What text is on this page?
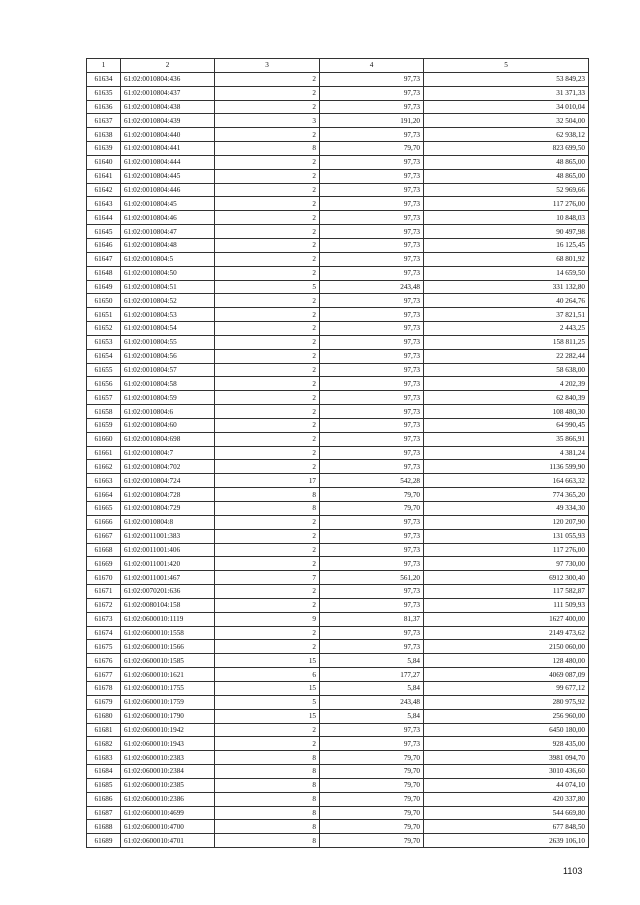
1	2	3	4	5
61634	61:02:0010804:436	2	97,73	53 849,23
61635	61:02:0010804:437	2	97,73	31 371,33
61636	61:02:0010804:438	2	97,73	34 010,04
61637	61:02:0010804:439	3	191,20	32 504,00
61638	61:02:0010804:440	2	97,73	62 938,12
61639	61:02:0010804:441	8	79,70	823 699,50
61640	61:02:0010804:444	2	97,73	48 865,00
61641	61:02:0010804:445	2	97,73	48 865,00
61642	61:02:0010804:446	2	97,73	52 969,66
61643	61:02:0010804:45	2	97,73	117 276,00
61644	61:02:0010804:46	2	97,73	10 848,03
61645	61:02:0010804:47	2	97,73	90 497,98
61646	61:02:0010804:48	2	97,73	16 125,45
61647	61:02:0010804:5	2	97,73	68 801,92
61648	61:02:0010804:50	2	97,73	14 659,50
61649	61:02:0010804:51	5	243,48	331 132,80
61650	61:02:0010804:52	2	97,73	40 264,76
61651	61:02:0010804:53	2	97,73	37 821,51
61652	61:02:0010804:54	2	97,73	2 443,25
61653	61:02:0010804:55	2	97,73	158 811,25
61654	61:02:0010804:56	2	97,73	22 282,44
61655	61:02:0010804:57	2	97,73	58 638,00
61656	61:02:0010804:58	2	97,73	4 202,39
61657	61:02:0010804:59	2	97,73	62 840,39
61658	61:02:0010804:6	2	97,73	108 480,30
61659	61:02:0010804:60	2	97,73	64 990,45
61660	61:02:0010804:698	2	97,73	35 866,91
61661	61:02:0010804:7	2	97,73	4 381,24
61662	61:02:0010804:702	2	97,73	1136 599,90
61663	61:02:0010804:724	17	542,28	164 663,32
61664	61:02:0010804:728	8	79,70	774 365,20
61665	61:02:0010804:729	8	79,70	49 334,30
61666	61:02:0010804:8	2	97,73	120 207,90
61667	61:02:0011001:383	2	97,73	131 055,93
61668	61:02:0011001:406	2	97,73	117 276,00
61669	61:02:0011001:420	2	97,73	97 730,00
61670	61:02:0011001:467	7	561,20	6912 300,40
61671	61:02:0070201:636	2	97,73	117 582,87
61672	61:02:0080104:158	2	97,73	111 509,93
61673	61:02:0600010:1119	9	81,37	1627 400,00
61674	61:02:0600010:1558	2	97,73	2149 473,62
61675	61:02:0600010:1566	2	97,73	2150 060,00
61676	61:02:0600010:1585	15	5,84	128 480,00
61677	61:02:0600010:1621	6	177,27	4069 087,09
61678	61:02:0600010:1755	15	5,84	99 677,12
61679	61:02:0600010:1759	5	243,48	280 975,92
61680	61:02:0600010:1790	15	5,84	256 960,00
61681	61:02:0600010:1942	2	97,73	6450 180,00
61682	61:02:0600010:1943	2	97,73	928 435,00
61683	61:02:0600010:2383	8	79,70	3981 094,70
61684	61:02:0600010:2384	8	79,70	3010 436,60
61685	61:02:0600010:2385	8	79,70	44 074,10
61686	61:02:0600010:2386	8	79,70	420 337,80
61687	61:02:0600010:4699	8	79,70	544 669,80
61688	61:02:0600010:4700	8	79,70	677 848,50
61689	61:02:0600010:4701	8	79,70	2639 106,10
1103
